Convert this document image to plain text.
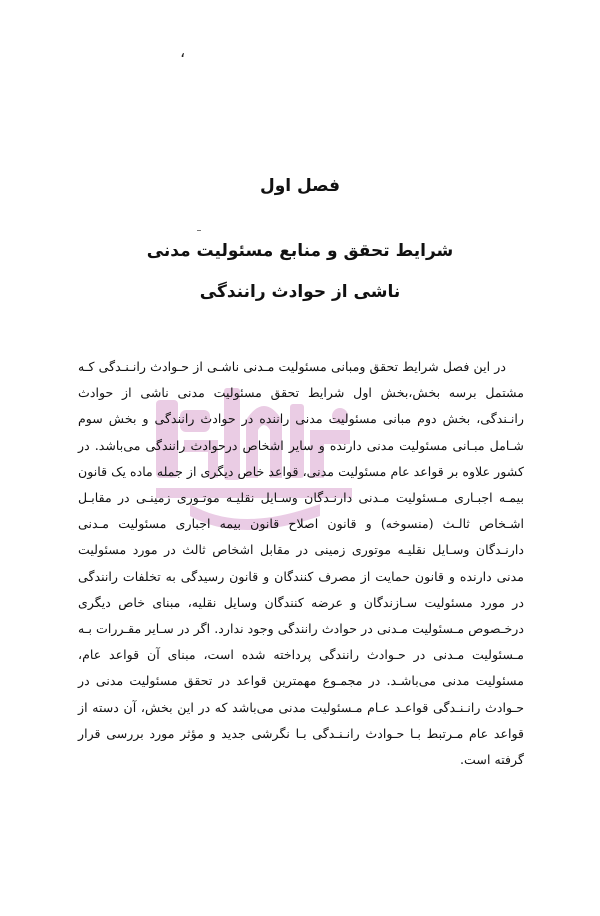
،
فصل اول
شرایط تحقق و منابع مسئولیت مدنی
ناشی از حوادث رانندگی

در این فصل شرایط تحقق ومبانی مسئولیت مـدنی ناشـی از حـوادث رانـنـدگی کـه مشتمل برسه بخش،بخش اول شرایط تحقق مسئولیت مدنی ناشی از حوادث رانـندگی، بخش دوم مبانی مسئولیت مدنی راننده در حوادث رانندگی و بخش سوم شـامل مبـانی مسئولیت مدنی دارنده و سایر اشخاص درحوادث رانندگی می‌باشد. در کشور علاوه بر قواعد عام مسئولیت مدنی، قواعد خاص دیگری از جمله ماده یک قانون بیمـه اجبـاری مـسئولیت مـدنی دارنـدگان وسـایل نقلیـه موتـوری زمینـی در مقابـل اشـخاص ثالـث (منسوخه) و قانون اصلاح قانون بیمه اجباری مسئولیت مـدنی دارنـدگان وسـایل نقلیـه موتوری زمینی در مقابل اشخاص ثالث در مورد مسئولیت مدنی دارنده و قانون حمایت از مصرف کنندگان و قانون رسیدگی به تخلفات رانندگی در مورد مسئولیت سـازندگان و عرضه کنندگان وسایل نقلیه، مبنای خاص دیگری درخـصوص مـسئولیت مـدنی در حوادث رانندگی وجود ندارد. اگر در سـایر مقـررات بـه مـسئولیت مـدنی در حـوادث رانندگی پرداخته شده است، مبنای آن قواعد عام، مسئولیت مدنی می‌باشـد. در مجمـوع مهمترین قواعد در تحقق مسئولیت مدنی در حـوادث رانـنـدگی قواعـد عـام مـسئولیت مدنی می‌باشد که در این بخش، آن دسته از قواعد عام مـرتبط بـا حـوادث رانـنـدگی بـا نگرشی جدید و مؤثر مورد بررسی قرار گرفته است.
